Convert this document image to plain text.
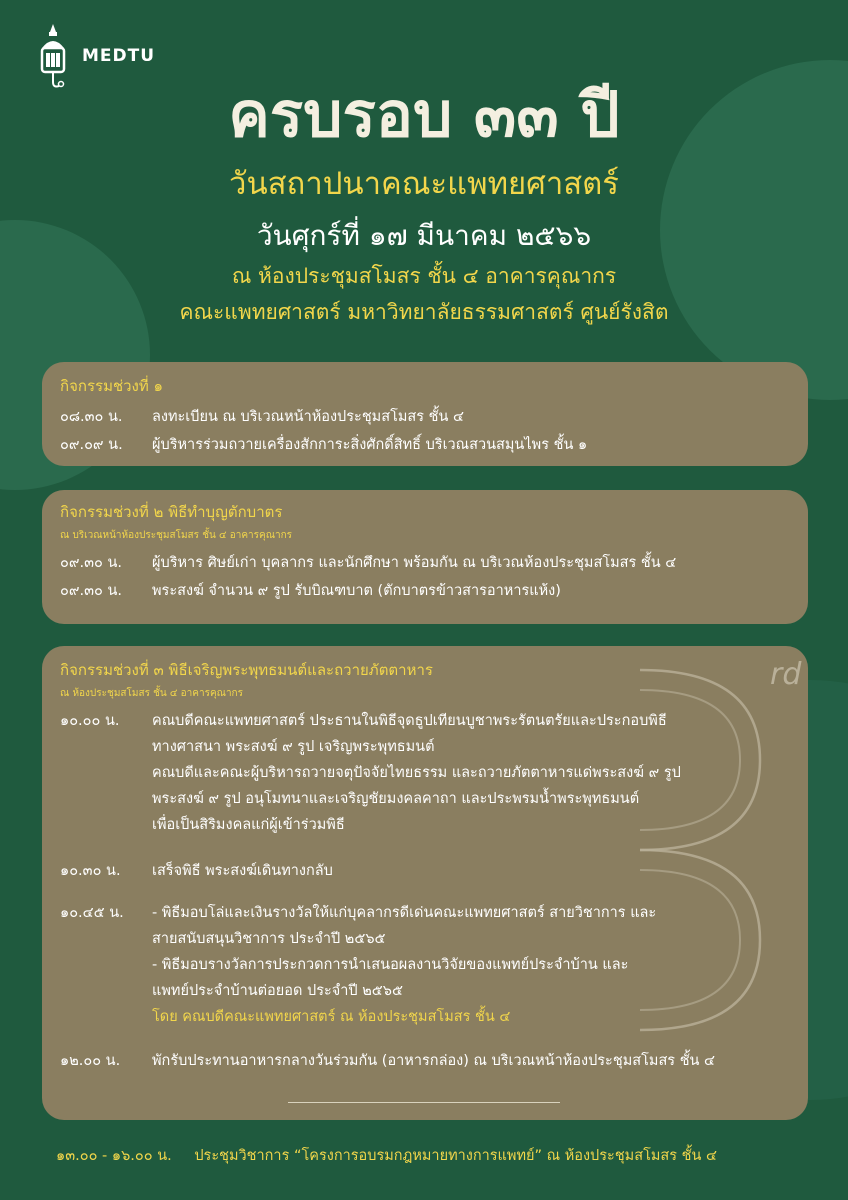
MEDTU
ครบรอบ ๓๓ ปี
วันสถาปนาคณะแพทยศาสตร์
วันศุกร์ที่ ๑๗ มีนาคม ๒๕๖๖
ณ ห้องประชุมสโมสร ชั้น ๔ อาคารคุณากร
คณะแพทยศาสตร์ มหาวิทยาลัยธรรมศาสตร์ ศูนย์รังสิต
กิจกรรมช่วงที่ ๑
๐๘.๓๐ น.	ลงทะเบียน ณ บริเวณหน้าห้องประชุมสโมสร ชั้น ๔
๐๙.๐๙ น.	ผู้บริหารร่วมถวายเครื่องสักการะสิ่งศักดิ์สิทธิ์ บริเวณสวนสมุนไพร ชั้น ๑
กิจกรรมช่วงที่ ๒ พิธีทำบุญตักบาตร
ณ บริเวณหน้าห้องประชุมสโมสร ชั้น ๔ อาคารคุณากร
๐๙.๓๐ น.	ผู้บริหาร ศิษย์เก่า บุคลากร และนักศึกษา พร้อมกัน ณ บริเวณห้องประชุมสโมสร ชั้น ๔
๐๙.๓๐ น.	พระสงฆ์ จำนวน ๙ รูป รับบิณฑบาต (ตักบาตรข้าวสารอาหารแห้ง)
กิจกรรมช่วงที่ ๓ พิธีเจริญพระพุทธมนต์และถวายภัตตาหาร
ณ ห้องประชุมสโมสร ชั้น ๔ อาคารคุณากร
๑๐.๐๐ น.	คณบดีคณะแพทยศาสตร์ ประธานในพิธีจุดธูปเทียนบูชาพระรัตนตรัยและประกอบพิธี
ทางศาสนา พระสงฆ์ ๙ รูป เจริญพระพุทธมนต์
คณบดีและคณะผู้บริหารถวายจตุปัจจัยไทยธรรม และถวายภัตตาหารแด่พระสงฆ์ ๙ รูป
พระสงฆ์ ๙ รูป อนุโมทนาและเจริญชัยมงคลคาถา และประพรมน้ำพระพุทธมนต์
เพื่อเป็นสิริมงคลแก่ผู้เข้าร่วมพิธี
๑๐.๓๐ น.	เสร็จพิธี พระสงฆ์เดินทางกลับ
๑๐.๔๕ น.	- พิธีมอบโล่และเงินรางวัลให้แก่บุคลากรดีเด่นคณะแพทยศาสตร์ สายวิชาการ และ
สายสนับสนุนวิชาการ ประจำปี ๒๕๖๕
- พิธีมอบรางวัลการประกวดการนำเสนอผลงานวิจัยของแพทย์ประจำบ้าน และ
แพทย์ประจำบ้านต่อยอด ประจำปี ๒๕๖๕
โดย คณบดีคณะแพทยศาสตร์ ณ ห้องประชุมสโมสร ชั้น ๔
๑๒.๐๐ น.	พักรับประทานอาหารกลางวันร่วมกัน (อาหารกล่อง) ณ บริเวณหน้าห้องประชุมสโมสร ชั้น ๔
rd
๑๓.๐๐ - ๑๖.๐๐ น. ประชุมวิชาการ “โครงการอบรมกฎหมายทางการแพทย์” ณ ห้องประชุมสโมสร ชั้น ๔
